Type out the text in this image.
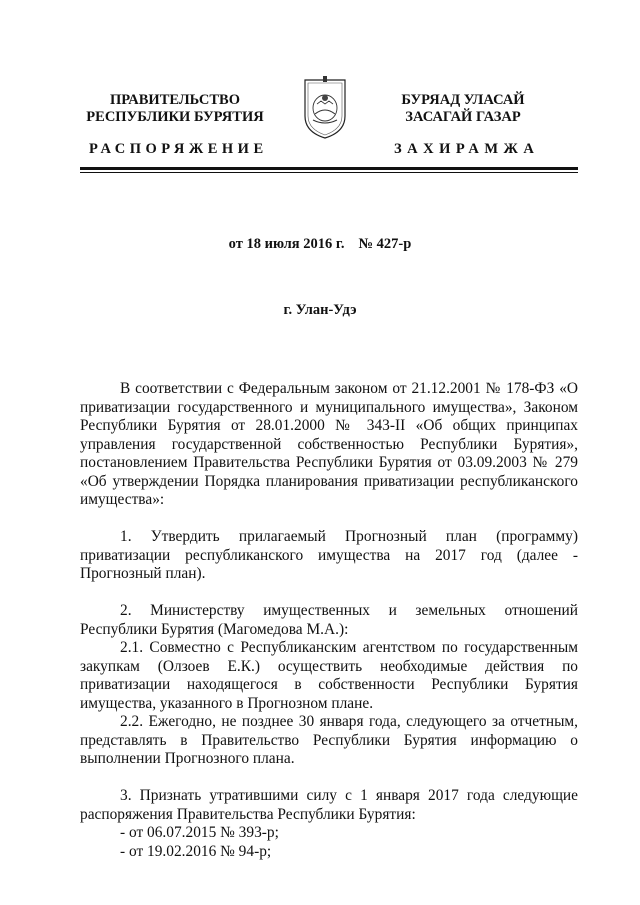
ПРАВИТЕЛЬСТВО
РЕСПУБЛИКИ БУРЯТИЯ
БУРЯАД УЛАСАЙ
ЗАСАГАЙ ГАЗАР
РАСПОРЯЖЕНИЕ	ЗАХИРАМЖА
от 18 июля 2016 г. № 427-р
г. Улан-Удэ

В соответствии с Федеральным законом от 21.12.2001 № 178-ФЗ «О приватизации государственного и муниципального имущества», Законом Республики Бурятия от 28.01.2000 № 343-II «Об общих принципах управления государственной собственностью Республики Бурятия», постановлением Правительства Республики Бурятия от 03.09.2003 № 279 «Об утверждении Порядка планирования приватизации республиканского имущества»:

1. Утвердить прилагаемый Прогнозный план (программу) приватизации республиканского имущества на 2017 год (далее - Прогнозный план).

2. Министерству имущественных и земельных отношений Республики Бурятия (Магомедова М.А.):

2.1. Совместно с Республиканским агентством по государственным закупкам (Олзоев Е.К.) осуществить необходимые действия по приватизации находящегося в собственности Республики Бурятия имущества, указанного в Прогнозном плане.

2.2. Ежегодно, не позднее 30 января года, следующего за отчетным, представлять в Правительство Республики Бурятия информацию о выполнении Прогнозного плана.

3. Признать утратившими силу с 1 января 2017 года следующие распоряжения Правительства Республики Бурятия:

- от 06.07.2015 № 393-р;

- от 19.02.2016 № 94-р;
